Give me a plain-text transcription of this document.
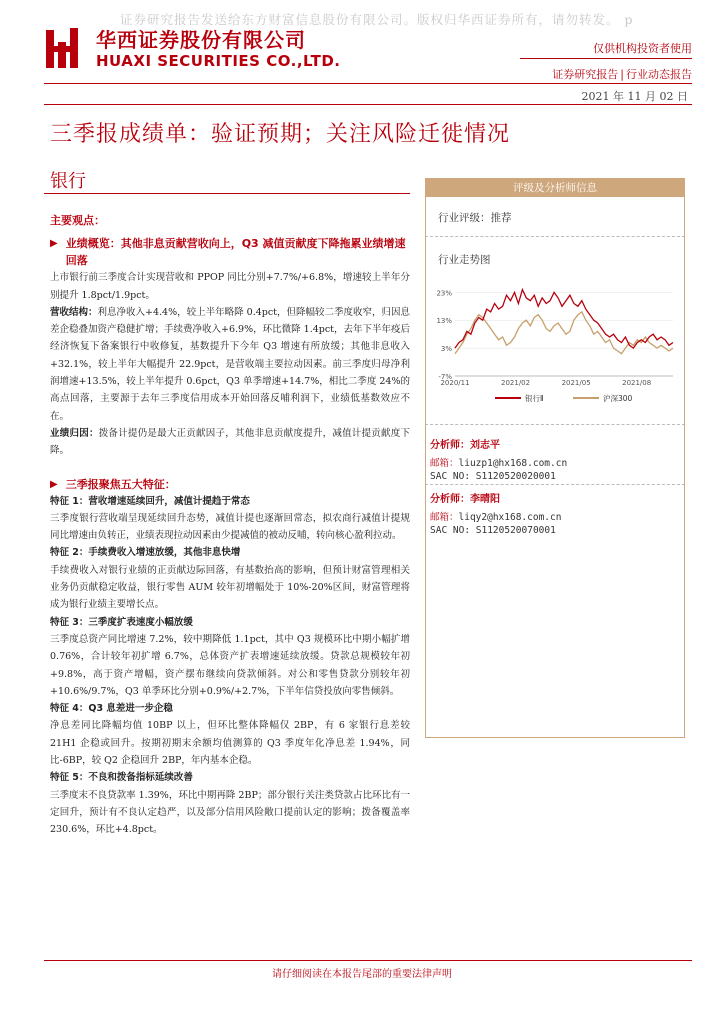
证券研究报告发送给东方财富信息股份有限公司。版权归华西证券所有，请勿转发。 p
华西证券股份有限公司
HUAXI SECURITIES CO.,LTD.
仅供机构投资者使用
证券研究报告 | 行业动态报告
2021 年 11 月 02 日
三季报成绩单：验证预期；关注风险迁徙情况
银行

主要观点：

▶ 业绩概览：其他非息贡献营收向上，Q3 减值贡献度下降拖累业绩增速回落

上市银行前三季度合计实现营收和 PPOP 同比分别+7.7%/+6.8%，增速较上半年分别提升 1.8pct/1.9pct。

营收结构：利息净收入+4.4%，较上半年略降 0.4pct，但降幅较二季度收窄，归因息差企稳叠加资产稳健扩增；手续费净收入+6.9%，环比微降 1.4pct，去年下半年疫后经济恢复下备案银行中收修复，基数提升下今年 Q3 增速有所放缓；其他非息收入+32.1%，较上半年大幅提升 22.9pct，是营收端主要拉动因素。前三季度归母净利润增速+13.5%，较上半年提升 0.6pct，Q3 单季增速+14.7%，相比二季度 24%的高点回落，主要源于去年三季度信用成本开始回落反哺利润下，业绩低基数效应不在。

业绩归因：拨备计提仍是最大正贡献因子，其他非息贡献度提升，减值计提贡献度下降。

▶ 三季报聚焦五大特征：

特征 1：营收增速延续回升，减值计提趋于常态

三季度银行营收端呈现延续回升态势，减值计提也逐渐回常态，拟农商行减值计提规同比增速由负转正，业绩表现拉动因素由少提减值的被动反哺，转向核心盈利拉动。

特征 2：手续费收入增速放缓，其他非息快增

手续费收入对银行业绩的正贡献边际回落，有基数抬高的影响，但预计财富管理相关业务仍贡献稳定收益，银行零售 AUM 较年初增幅处于 10%-20%区间，财富管理将成为银行业绩主要增长点。

特征 3：三季度扩表速度小幅放缓

三季度总资产同比增速 7.2%，较中期降低 1.1pct，其中 Q3 规模环比中期小幅扩增 0.76%，合计较年初扩增 6.7%，总体资产扩表增速延续放缓。贷款总规模较年初+9.8%，高于资产增幅，资产摆布继续向贷款倾斜。对公和零售贷款分别较年初+10.6%/9.7%，Q3 单季环比分别+0.9%/+2.7%，下半年信贷投放向零售倾斜。

特征 4：Q3 息差进一步企稳

净息差同比降幅均值 10BP 以上，但环比整体降幅仅 2BP，有 6 家银行息差较 21H1 企稳或回升。按期初期末余额均值测算的 Q3 季度年化净息差 1.94%，同比-6BP，较 Q2 企稳回升 2BP，年内基本企稳。

特征 5：不良和拨备指标延续改善

三季度末不良贷款率 1.39%，环比中期再降 2BP；部分银行关注类贷款占比环比有一定回升，预计有不良认定趋严，以及部分信用风险敞口提前认定的影响；拨备覆盖率 230.6%，环比+4.8pct。

评级及分析师信息
行业评级：推荐
行业走势图
23%
13%
3%
-7%
2020/11	2021/02	2021/05	2021/08
银行Ⅱ	沪深300
分析师：刘志平
邮箱：liuzp1@hx168.com.cn
SAC NO: S1120520020001
分析师：李晴阳
邮箱：liqy2@hx168.com.cn
SAC NO: S1120520070001
请仔细阅读在本报告尾部的重要法律声明
